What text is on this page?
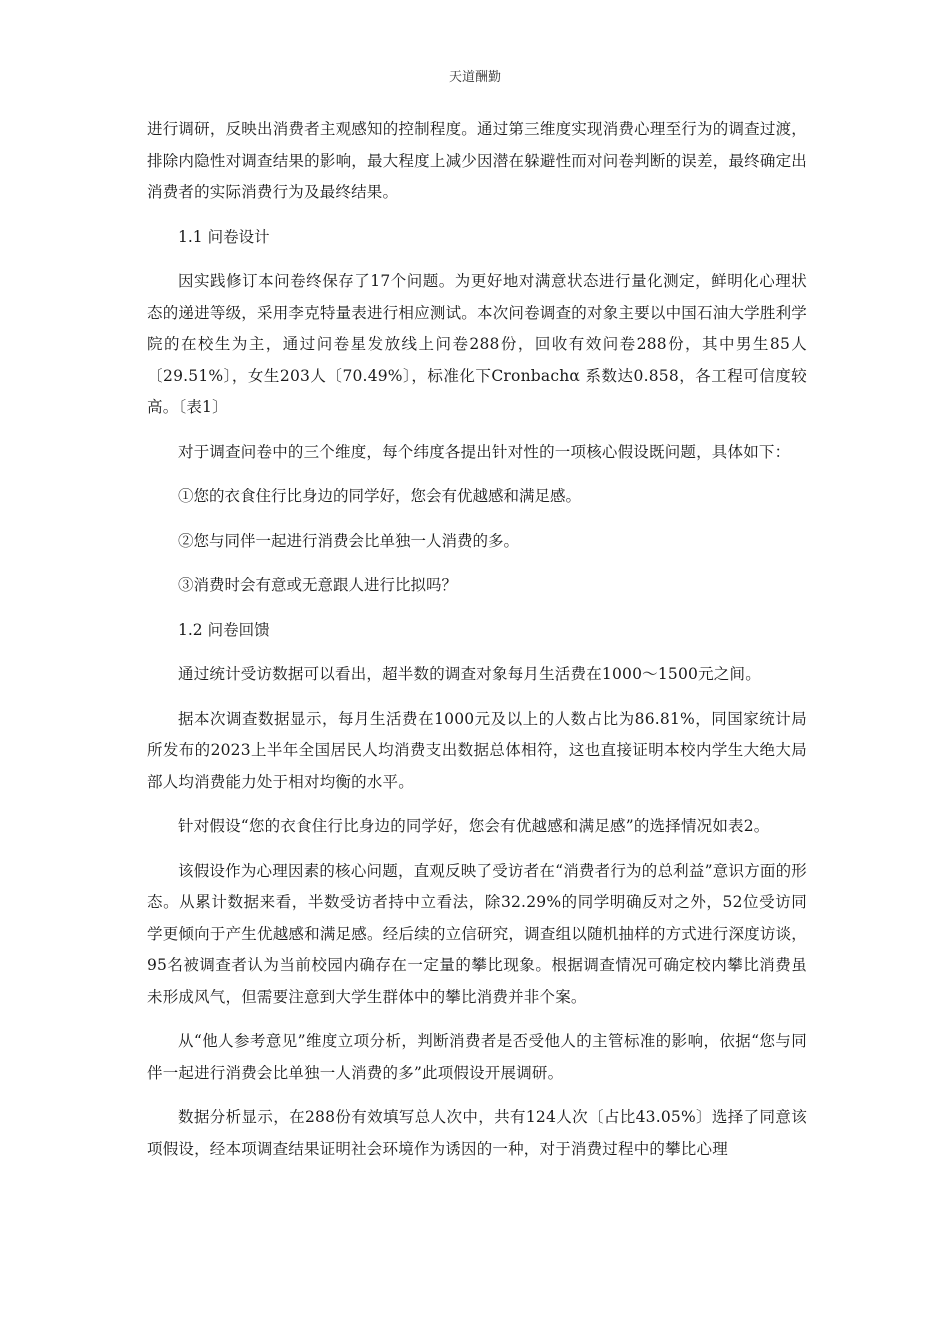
天道酬勤

进行调研，反映出消费者主观感知的控制程度。通过第三维度实现消费心理至行为的调查过渡，排除内隐性对调查结果的影响，最大程度上减少因潜在躲避性而对问卷判断的误差，最终确定出消费者的实际消费行为及最终结果。

1.1 问卷设计

因实践修订本问卷终保存了17个问题。为更好地对满意状态进行量化测定，鲜明化心理状态的递进等级，采用李克特量表进行相应测试。本次问卷调查的对象主要以中国石油大学胜利学院的在校生为主，通过问卷星发放线上问卷288份，回收有效问卷288份，其中男生85人〔29.51%〕，女生203人〔70.49%〕，标准化下Cronbachα 系数达0.858，各工程可信度较高。〔表1〕

对于调查问卷中的三个维度，每个纬度各提出针对性的一项核心假设既问题，具体如下：

①您的衣食住行比身边的同学好，您会有优越感和满足感。
②您与同伴一起进行消费会比单独一人消费的多。
③消费时会有意或无意跟人进行比拟吗？
1.2 问卷回馈

通过统计受访数据可以看出，超半数的调查对象每月生活费在1000～1500元之间。

据本次调查数据显示，每月生活费在1000元及以上的人数占比为86.81%，同国家统计局所发布的2023上半年全国居民人均消费支出数据总体相符，这也直接证明本校内学生大绝大局部人均消费能力处于相对均衡的水平。

针对假设“您的衣食住行比身边的同学好，您会有优越感和满足感”的选择情况如表2。

该假设作为心理因素的核心问题，直观反映了受访者在“消费者行为的总利益”意识方面的形态。从累计数据来看，半数受访者持中立看法，除32.29%的同学明确反对之外，52位受访同学更倾向于产生优越感和满足感。经后续的立信研究，调查组以随机抽样的方式进行深度访谈，95名被调查者认为当前校园内确存在一定量的攀比现象。根据调查情况可确定校内攀比消费虽未形成风气，但需要注意到大学生群体中的攀比消费并非个案。

从“他人参考意见”维度立项分析，判断消费者是否受他人的主管标准的影响，依据“您与同伴一起进行消费会比单独一人消费的多”此项假设开展调研。

数据分析显示，在288份有效填写总人次中，共有124人次〔占比43.05%〕选择了同意该项假设，经本项调查结果证明社会环境作为诱因的一种，对于消费过程中的攀比心理
